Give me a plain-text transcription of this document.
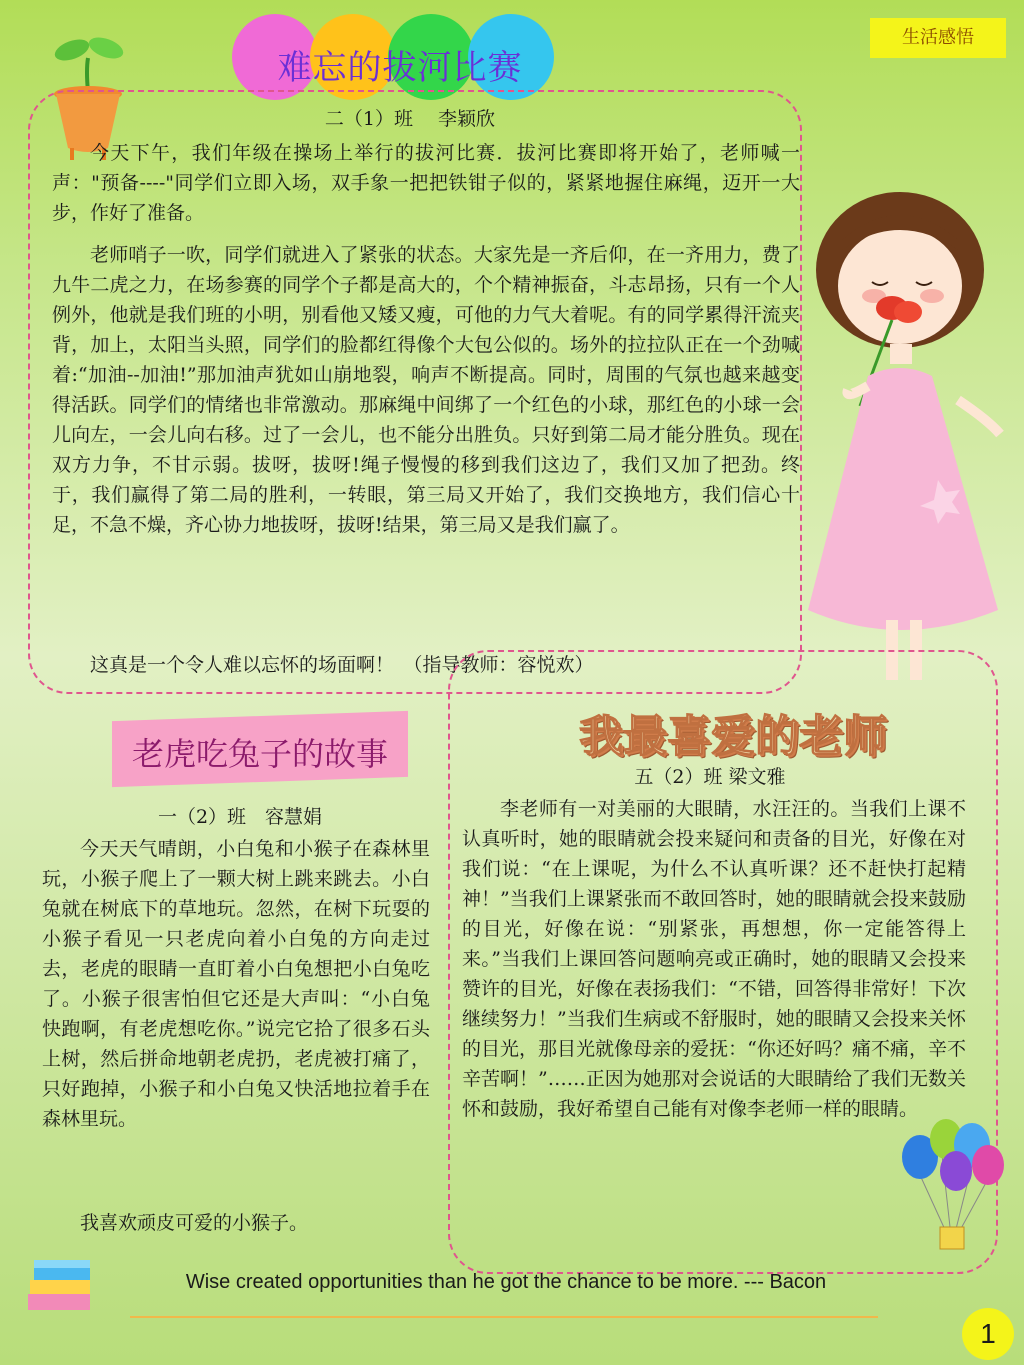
生活感悟
难忘的拔河比赛
二（1）班　 李颖欣
今天下午，我们年级在操场上举行的拔河比赛．拔河比赛即将开始了，老师喊一声："预备----"同学们立即入场，双手象一把把铁钳子似的，紧紧地握住麻绳，迈开一大步，作好了准备。
老师哨子一吹，同学们就进入了紧张的状态。大家先是一齐后仰，在一齐用力，费了九牛二虎之力，在场参赛的同学个子都是高大的，个个精神振奋，斗志昂扬，只有一个人例外，他就是我们班的小明，别看他又矮又瘦，可他的力气大着呢。有的同学累得汗流夹背，加上，太阳当头照，同学们的脸都红得像个大包公似的。场外的拉拉队正在一个劲喊着:“加油--加油!”那加油声犹如山崩地裂，响声不断提高。同时，周围的气氛也越来越变得活跃。同学们的情绪也非常激动。那麻绳中间绑了一个红色的小球，那红色的小球一会儿向左，一会儿向右移。过了一会儿，也不能分出胜负。只好到第二局才能分胜负。现在双方力争，不甘示弱。拔呀，拔呀!绳子慢慢的移到我们这边了，我们又加了把劲。终于，我们赢得了第二局的胜利，一转眼，第三局又开始了，我们交换地方，我们信心十足，不急不燥，齐心协力地拔呀，拔呀!结果，第三局又是我们赢了。
这真是一个令人难以忘怀的场面啊！　（指导教师：容悦欢）
老虎吃兔子的故事
一（2）班　容慧娟
今天天气晴朗，小白兔和小猴子在森林里玩，小猴子爬上了一颗大树上跳来跳去。小白兔就在树底下的草地玩。忽然，在树下玩耍的小猴子看见一只老虎向着小白兔的方向走过去，老虎的眼睛一直盯着小白兔想把小白兔吃了。小猴子很害怕但它还是大声叫：“小白兔快跑啊，有老虎想吃你。”说完它拾了很多石头上树，然后拼命地朝老虎扔，老虎被打痛了，只好跑掉，小猴子和小白兔又快活地拉着手在森林里玩。
我喜欢顽皮可爱的小猴子。
我最喜爱的老师
五（2）班 梁文雅
李老师有一对美丽的大眼睛，水汪汪的。当我们上课不认真听时，她的眼睛就会投来疑问和责备的目光，好像在对我们说：“在上课呢，为什么不认真听课？还不赶快打起精神！”当我们上课紧张而不敢回答时，她的眼睛就会投来鼓励的目光，好像在说：“别紧张，再想想，你一定能答得上来。”当我们上课回答问题响亮或正确时，她的眼睛又会投来赞许的目光，好像在表扬我们：“不错，回答得非常好！下次继续努力！”当我们生病或不舒服时，她的眼睛又会投来关怀的目光，那目光就像母亲的爱抚：“你还好吗？痛不痛，辛不辛苦啊！”……正因为她那对会说话的大眼睛给了我们无数关怀和鼓励，我好希望自己能有对像李老师一样的眼睛。
Wise created opportunities than he got the chance to be more. --- Bacon
1
